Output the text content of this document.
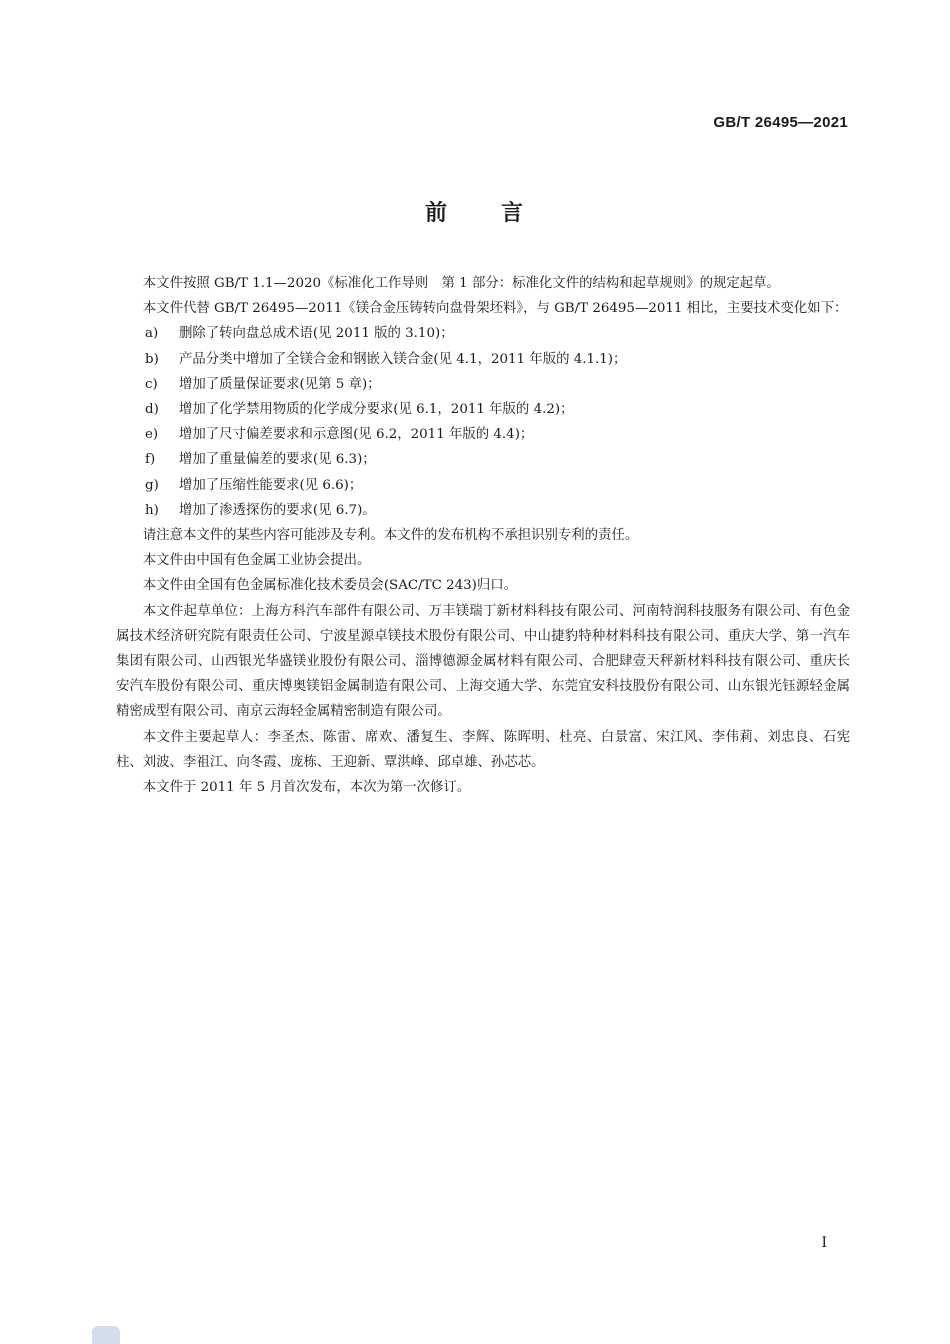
GB/T 26495—2021
前 言

本文件按照 GB/T 1.1—2020《标准化工作导则　第 1 部分：标准化文件的结构和起草规则》的规定起草。

本文件代替 GB/T 26495—2011《镁合金压铸转向盘骨架坯料》，与 GB/T 26495—2011 相比，主要技术变化如下：

a)	删除了转向盘总成术语(见 2011 版的 3.10)；
b)	产品分类中增加了全镁合金和钢嵌入镁合金(见 4.1，2011 年版的 4.1.1)；
c)	增加了质量保证要求(见第 5 章)；
d)	增加了化学禁用物质的化学成分要求(见 6.1，2011 年版的 4.2)；
e)	增加了尺寸偏差要求和示意图(见 6.2，2011 年版的 4.4)；
f)	增加了重量偏差的要求(见 6.3)；
g)	增加了压缩性能要求(见 6.6)；
h)	增加了渗透探伤的要求(见 6.7)。

请注意本文件的某些内容可能涉及专利。本文件的发布机构不承担识别专利的责任。

本文件由中国有色金属工业协会提出。

本文件由全国有色金属标准化技术委员会(SAC/TC 243)归口。

本文件起草单位：上海方科汽车部件有限公司、万丰镁瑞丁新材料科技有限公司、河南特润科技服务有限公司、有色金属技术经济研究院有限责任公司、宁波星源卓镁技术股份有限公司、中山捷豹特种材料科技有限公司、重庆大学、第一汽车集团有限公司、山西银光华盛镁业股份有限公司、淄博德源金属材料有限公司、合肥肆壹天秤新材料科技有限公司、重庆长安汽车股份有限公司、重庆博奥镁铝金属制造有限公司、上海交通大学、东莞宜安科技股份有限公司、山东银光钰源轻金属精密成型有限公司、南京云海轻金属精密制造有限公司。

本文件主要起草人：李圣杰、陈雷、席欢、潘复生、李辉、陈晖明、杜亮、白景富、宋江风、李伟莉、刘忠良、石宪柱、刘波、李祖江、向冬霞、庞栋、王迎新、覃洪峰、邱卓雄、孙芯芯。

本文件于 2011 年 5 月首次发布，本次为第一次修订。

I
